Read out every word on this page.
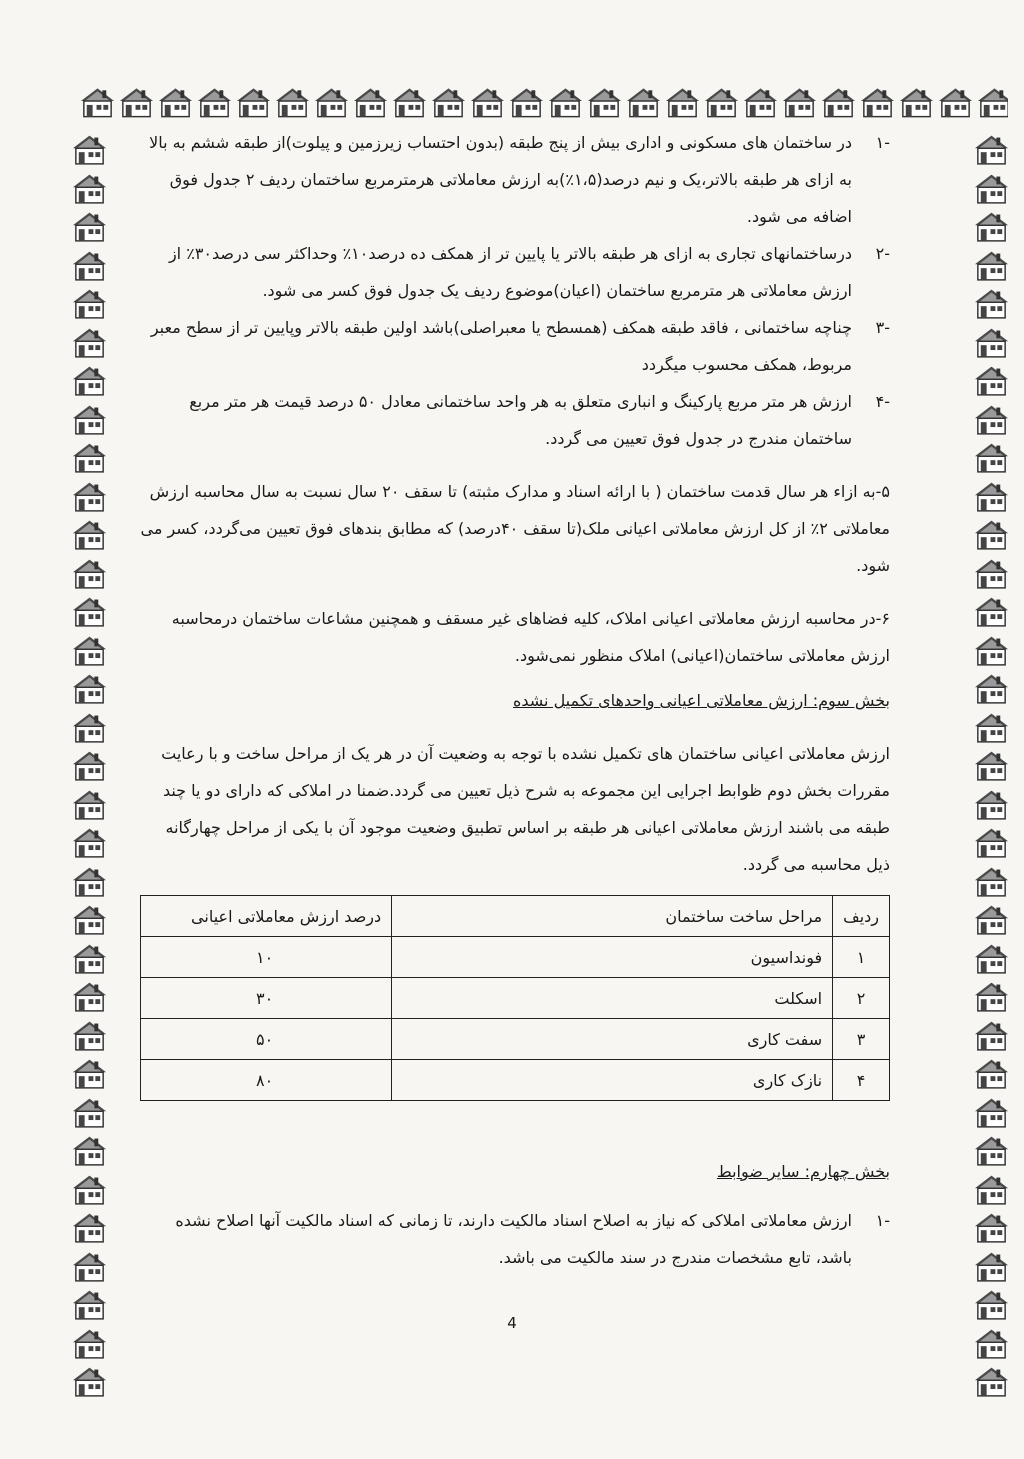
-۱

در ساختمان های مسکونی و اداری بیش از پنج طبقه (بدون احتساب زیرزمین و پیلوت)از طبقه ششم به بالا به ازای هر طبقه بالاتر،یک و نیم درصد(۱،۵٪)به ارزش معاملاتی هرمترمربع ساختمان ردیف ۲ جدول فوق اضافه می شود.

-۲

درساختمانهای تجاری به ازای هر طبقه بالاتر یا پایین تر از همکف ده درصد۱۰٪ وحداکثر سی درصد۳۰٪ از ارزش معاملاتی هر مترمربع ساختمان (اعیان)موضوع ردیف یک جدول فوق کسر می شود.

-۳

چناچه ساختمانی ، فاقد طبقه همکف (همسطح یا معبراصلی)باشد اولین طبقه بالاتر وپایین تر از سطح معبر مربوط، همکف محسوب میگردد

-۴

ارزش هر متر مربع پارکینگ و انباری متعلق به هر واحد ساختمانی معادل ۵۰ درصد قیمت هر متر مربع ساختمان مندرج در جدول فوق تعیین می گردد.

۵-به ازاء هر سال قدمت ساختمان ( با ارائه اسناد و مدارک مثبته) تا سقف ۲۰ سال نسبت به سال محاسبه ارزش معاملاتی ۲٪ از کل ارزش معاملاتی اعیانی ملک(تا سقف ۴۰درصد) که مطابق بندهای فوق تعیین می‌گردد، کسر می شود.

۶-در محاسبه ارزش معاملاتی اعیانی املاک، کلیه فضاهای غیر مسقف و همچنین مشاعات ساختمان درمحاسبه ارزش معاملاتی ساختمان(اعیانی) املاک منظور نمی‌شود.

بخش سوم: ارزش معاملاتی اعیانی واحدهای تکمیل نشده

ارزش معاملاتی اعیانی ساختمان های تکمیل نشده با توجه به وضعیت آن در هر یک از مراحل ساخت و با رعایت مقررات بخش دوم ظوابط اجرایی این مجموعه به شرح ذیل تعیین می گردد.ضمنا در املاکی که دارای دو یا چند طبقه می باشند ارزش معاملاتی اعیانی هر طبقه بر اساس تطبیق وضعیت موجود آن با یکی از مراحل چهارگانه ذیل محاسبه می گردد.

ردیف	مراحل ساخت ساختمان	درصد ارزش معاملاتی اعیانی
۱	فونداسیون	۱۰
۲	اسکلت	۳۰
۳	سفت کاری	۵۰
۴	نازک کاری	۸۰

بخش چهارم: سایر ضوابط

-۱

ارزش معاملاتی املاکی که نیاز به اصلاح اسناد مالکیت دارند، تا زمانی که اسناد مالکیت آنها اصلاح نشده باشد، تابع مشخصات مندرج در سند مالکیت می باشد.

4
